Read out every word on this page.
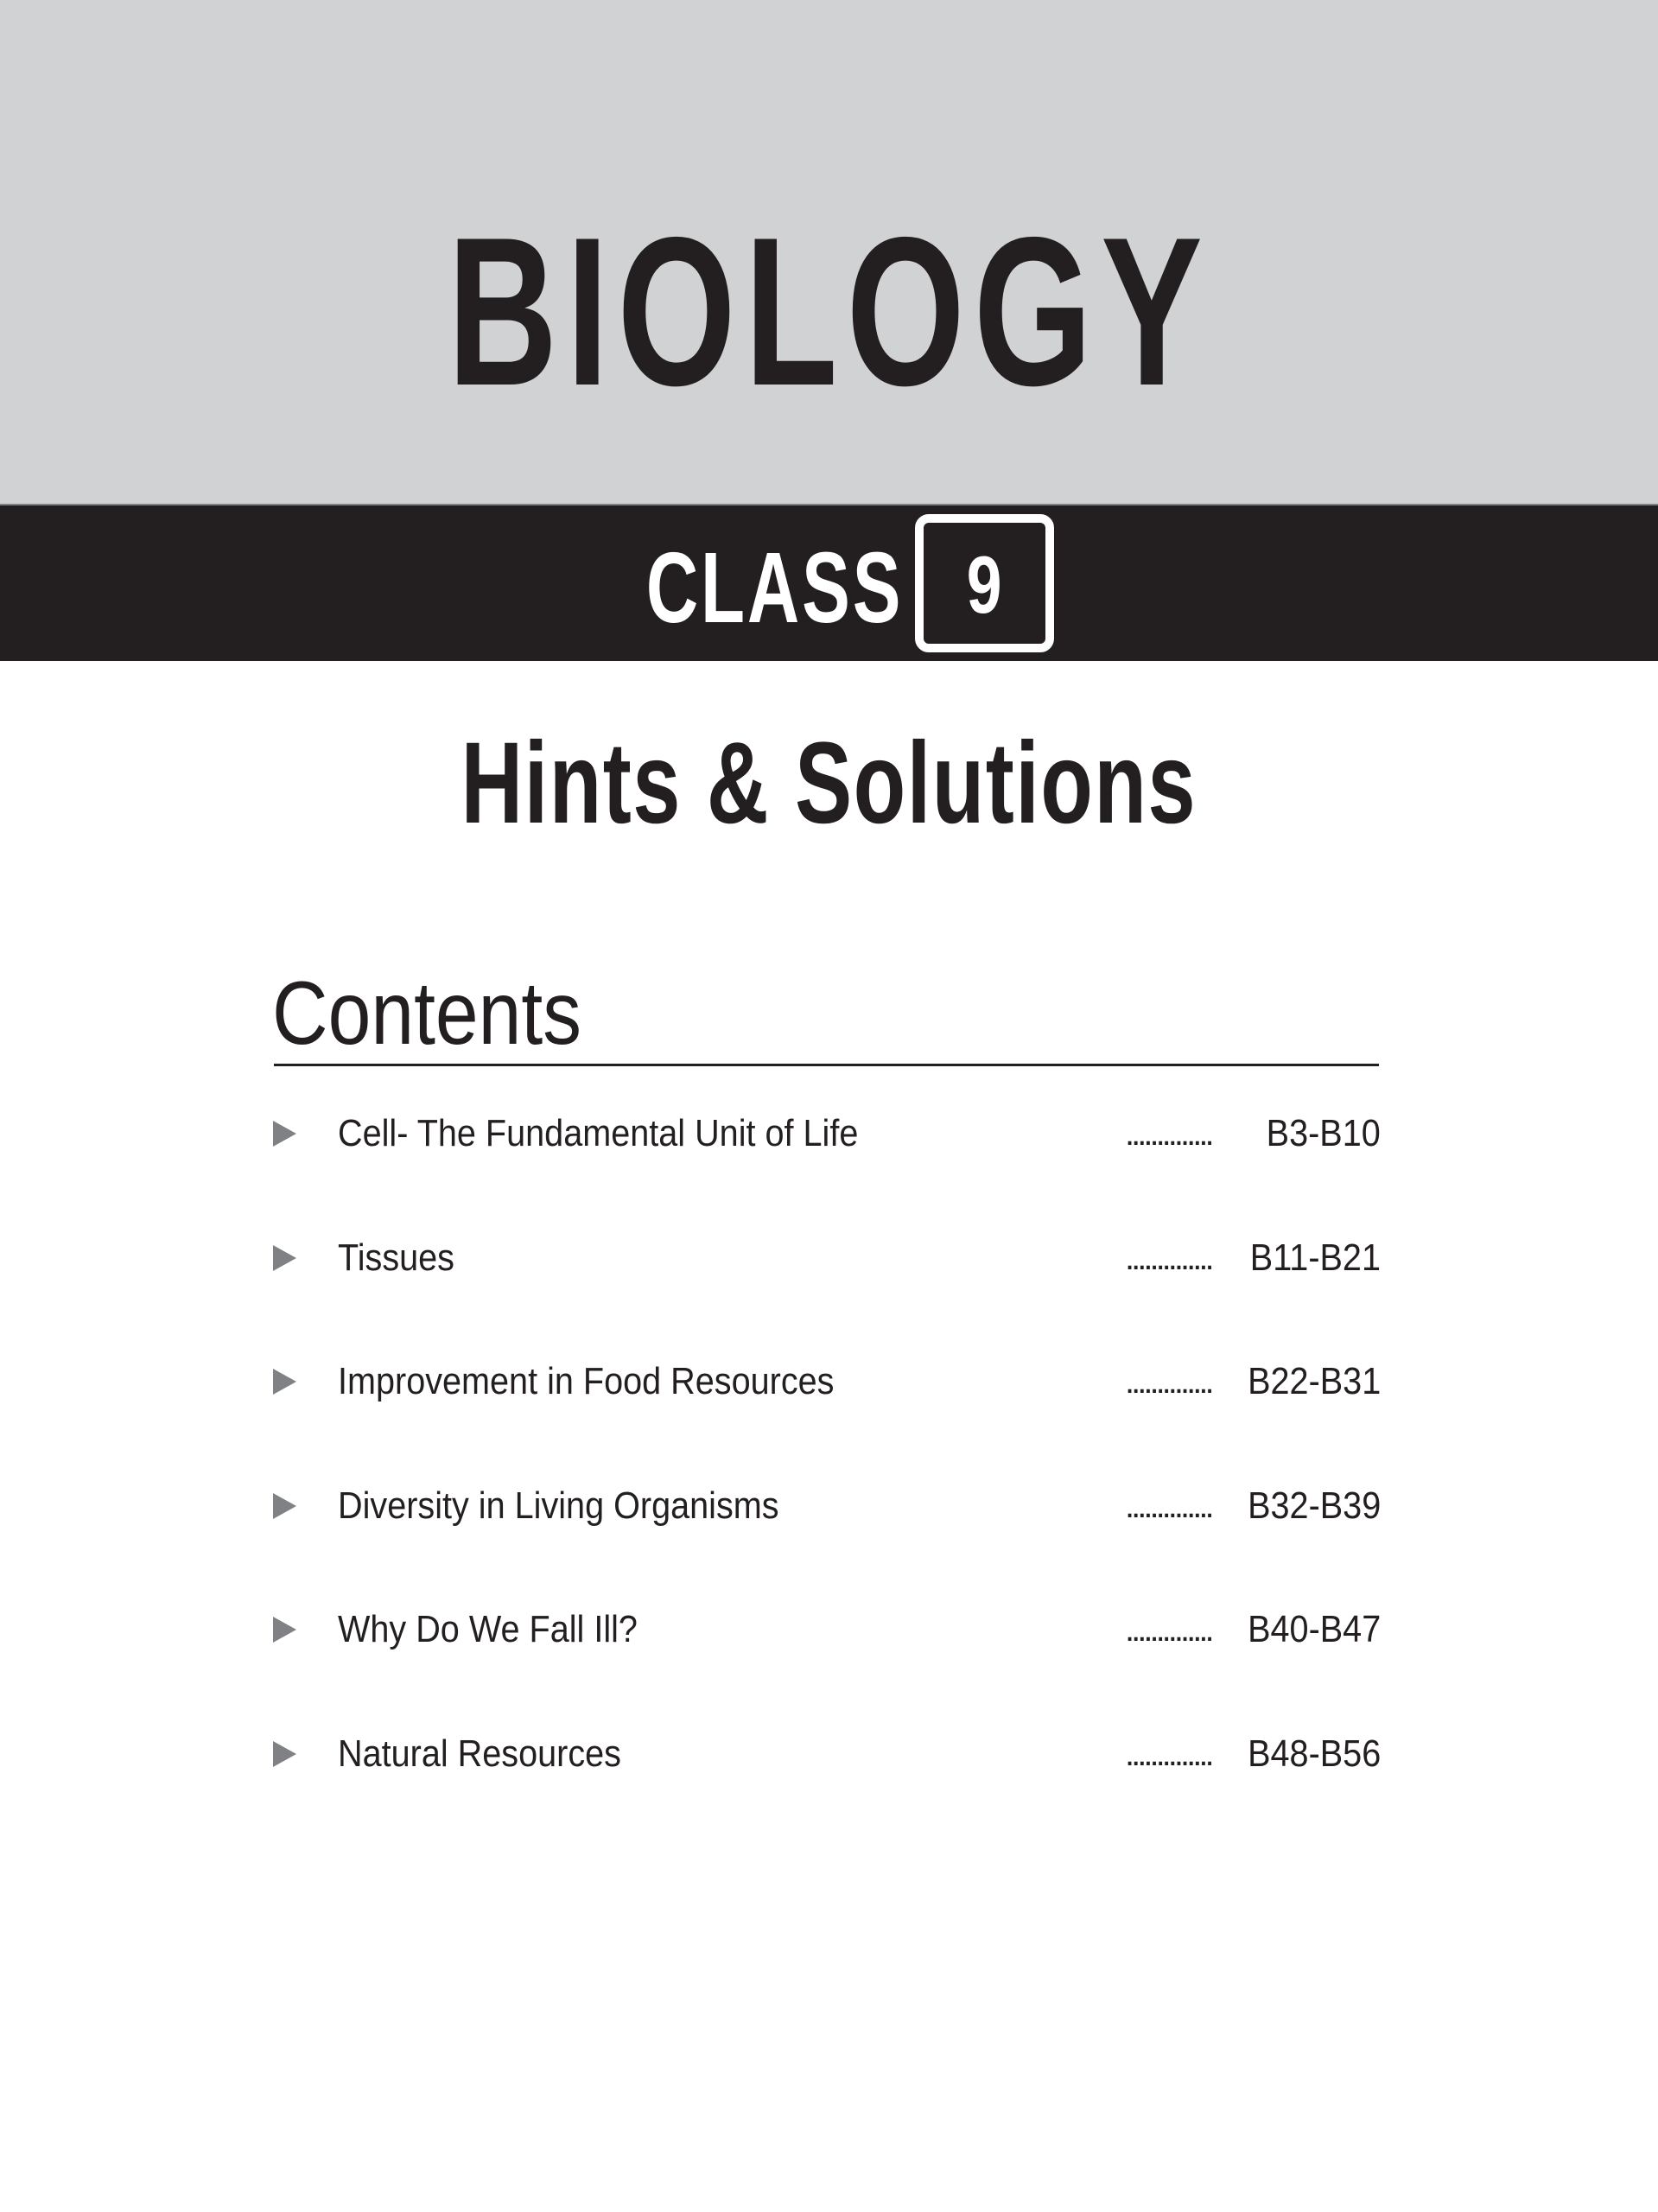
BIOLOGY
CLASS 9
Hints & Solutions
Contents
Cell- The Fundamental Unit of Life	..............	B3-B10
Tissues	..............	B11-B21
Improvement in Food Resources	.............. B22-B31
Diversity in Living Organisms	.............. B32-B39
Why Do We Fall Ill?	.............. B40-B47
Natural Resources	.............. B48-B56
